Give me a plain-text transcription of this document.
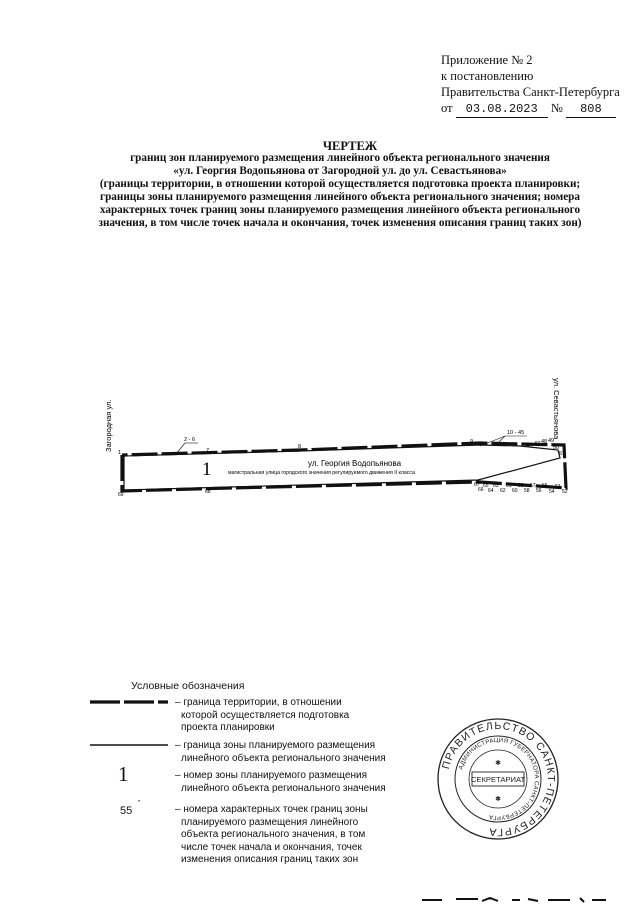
Приложение № 2
к постановлению
Правительства Санкт-Петербурга
от 03.08.2023 № 808
ЧЕРТЕЖ
границ зон планируемого размещения линейного объекта регионального значения
«ул. Георгия Водопьянова от Загородной ул. до ул. Севастьянова»
(границы территории, в отношении которой осуществляется подготовка проекта планировки;
границы зоны планируемого размещения линейного объекта регионального значения; номера
характерных точек границ зоны планируемого размещения линейного объекта регионального
значения, в том числе точек начала и окончания, точек изменения описания границ таких зон)
Загородная ул.	ул. Севастьянова
1
2 - 6
7
8
9
10 - 45
46 47 48 49
50
51
1	ул. Георгия Водопьянова
магистральная улица городского значения регулируемого движения II класса
69	68
67
66
65
64
63
62
61
60
59
58
57
56
55
54
53
52
Условные обозначения
– граница территории, в отношении
которой осуществляется подготовка
проекта планировки
– граница зоны планируемого размещения
линейного объекта регионального значения
1	– номер зоны планируемого размещения
линейного объекта регионального значения
•
55	– номера характерных точек границ зоны
планируемого размещения линейного
объекта регионального значения, в том
числе точек начала и окончания, точек
изменения описания границ таких зон
ПРАВИТЕЛЬСТВО САНКТ-ПЕТЕРБУРГА
АДМИНИСТРАЦИЯ ГУБЕРНАТОРА САНКТ-ПЕТЕРБУРГА
СЕКРЕТАРИАТ
✱
✱
